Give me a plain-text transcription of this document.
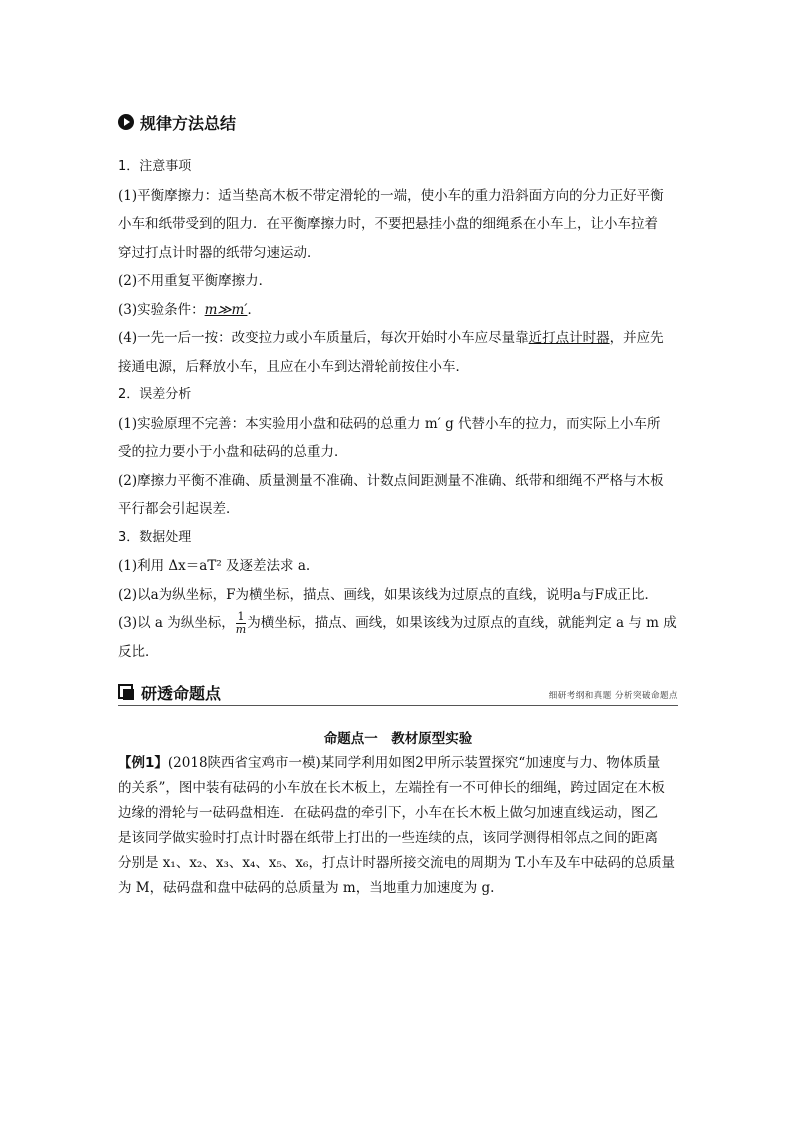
规律方法总结
1．注意事项
(1)平衡摩擦力：适当垫高木板不带定滑轮的一端，使小车的重力沿斜面方向的分力正好平衡
小车和纸带受到的阻力．在平衡摩擦力时，不要把悬挂小盘的细绳系在小车上，让小车拉着
穿过打点计时器的纸带匀速运动．
(2)不用重复平衡摩擦力．
(3)实验条件：m≫m′．
(4)一先一后一按：改变拉力或小车质量后，每次开始时小车应尽量靠近打点计时器，并应先
接通电源，后释放小车，且应在小车到达滑轮前按住小车．
2．误差分析
(1)实验原理不完善：本实验用小盘和砝码的总重力 m′ g 代替小车的拉力，而实际上小车所
受的拉力要小于小盘和砝码的总重力．
(2)摩擦力平衡不准确、质量测量不准确、计数点间距测量不准确、纸带和细绳不严格与木板
平行都会引起误差．
3．数据处理
(1)利用 Δx＝aT² 及逐差法求 a.
(2)以a为纵坐标，F为横坐标，描点、画线，如果该线为过原点的直线，说明a与F成正比．
(3)以 a 为纵坐标， $\frac{1}{m}$ 为横坐标，描点、画线，如果该线为过原点的直线，就能判定 a 与 m 成
反比．
研透命题点	细研考纲和真题 分析突破命题点
命题点一　教材原型实验
【例1】(2018陕西省宝鸡市一模)某同学利用如图2甲所示装置探究“加速度与力、物体质量
的关系”，图中装有砝码的小车放在长木板上，左端拴有一不可伸长的细绳，跨过固定在木板
边缘的滑轮与一砝码盘相连．在砝码盘的牵引下，小车在长木板上做匀加速直线运动，图乙
是该同学做实验时打点计时器在纸带上打出的一些连续的点，该同学测得相邻点之间的距离
分别是 x₁、x₂、x₃、x₄、x₅、x₆，打点计时器所接交流电的周期为 T.小车及车中砝码的总质量
为 M，砝码盘和盘中砝码的总质量为 m，当地重力加速度为 g.
